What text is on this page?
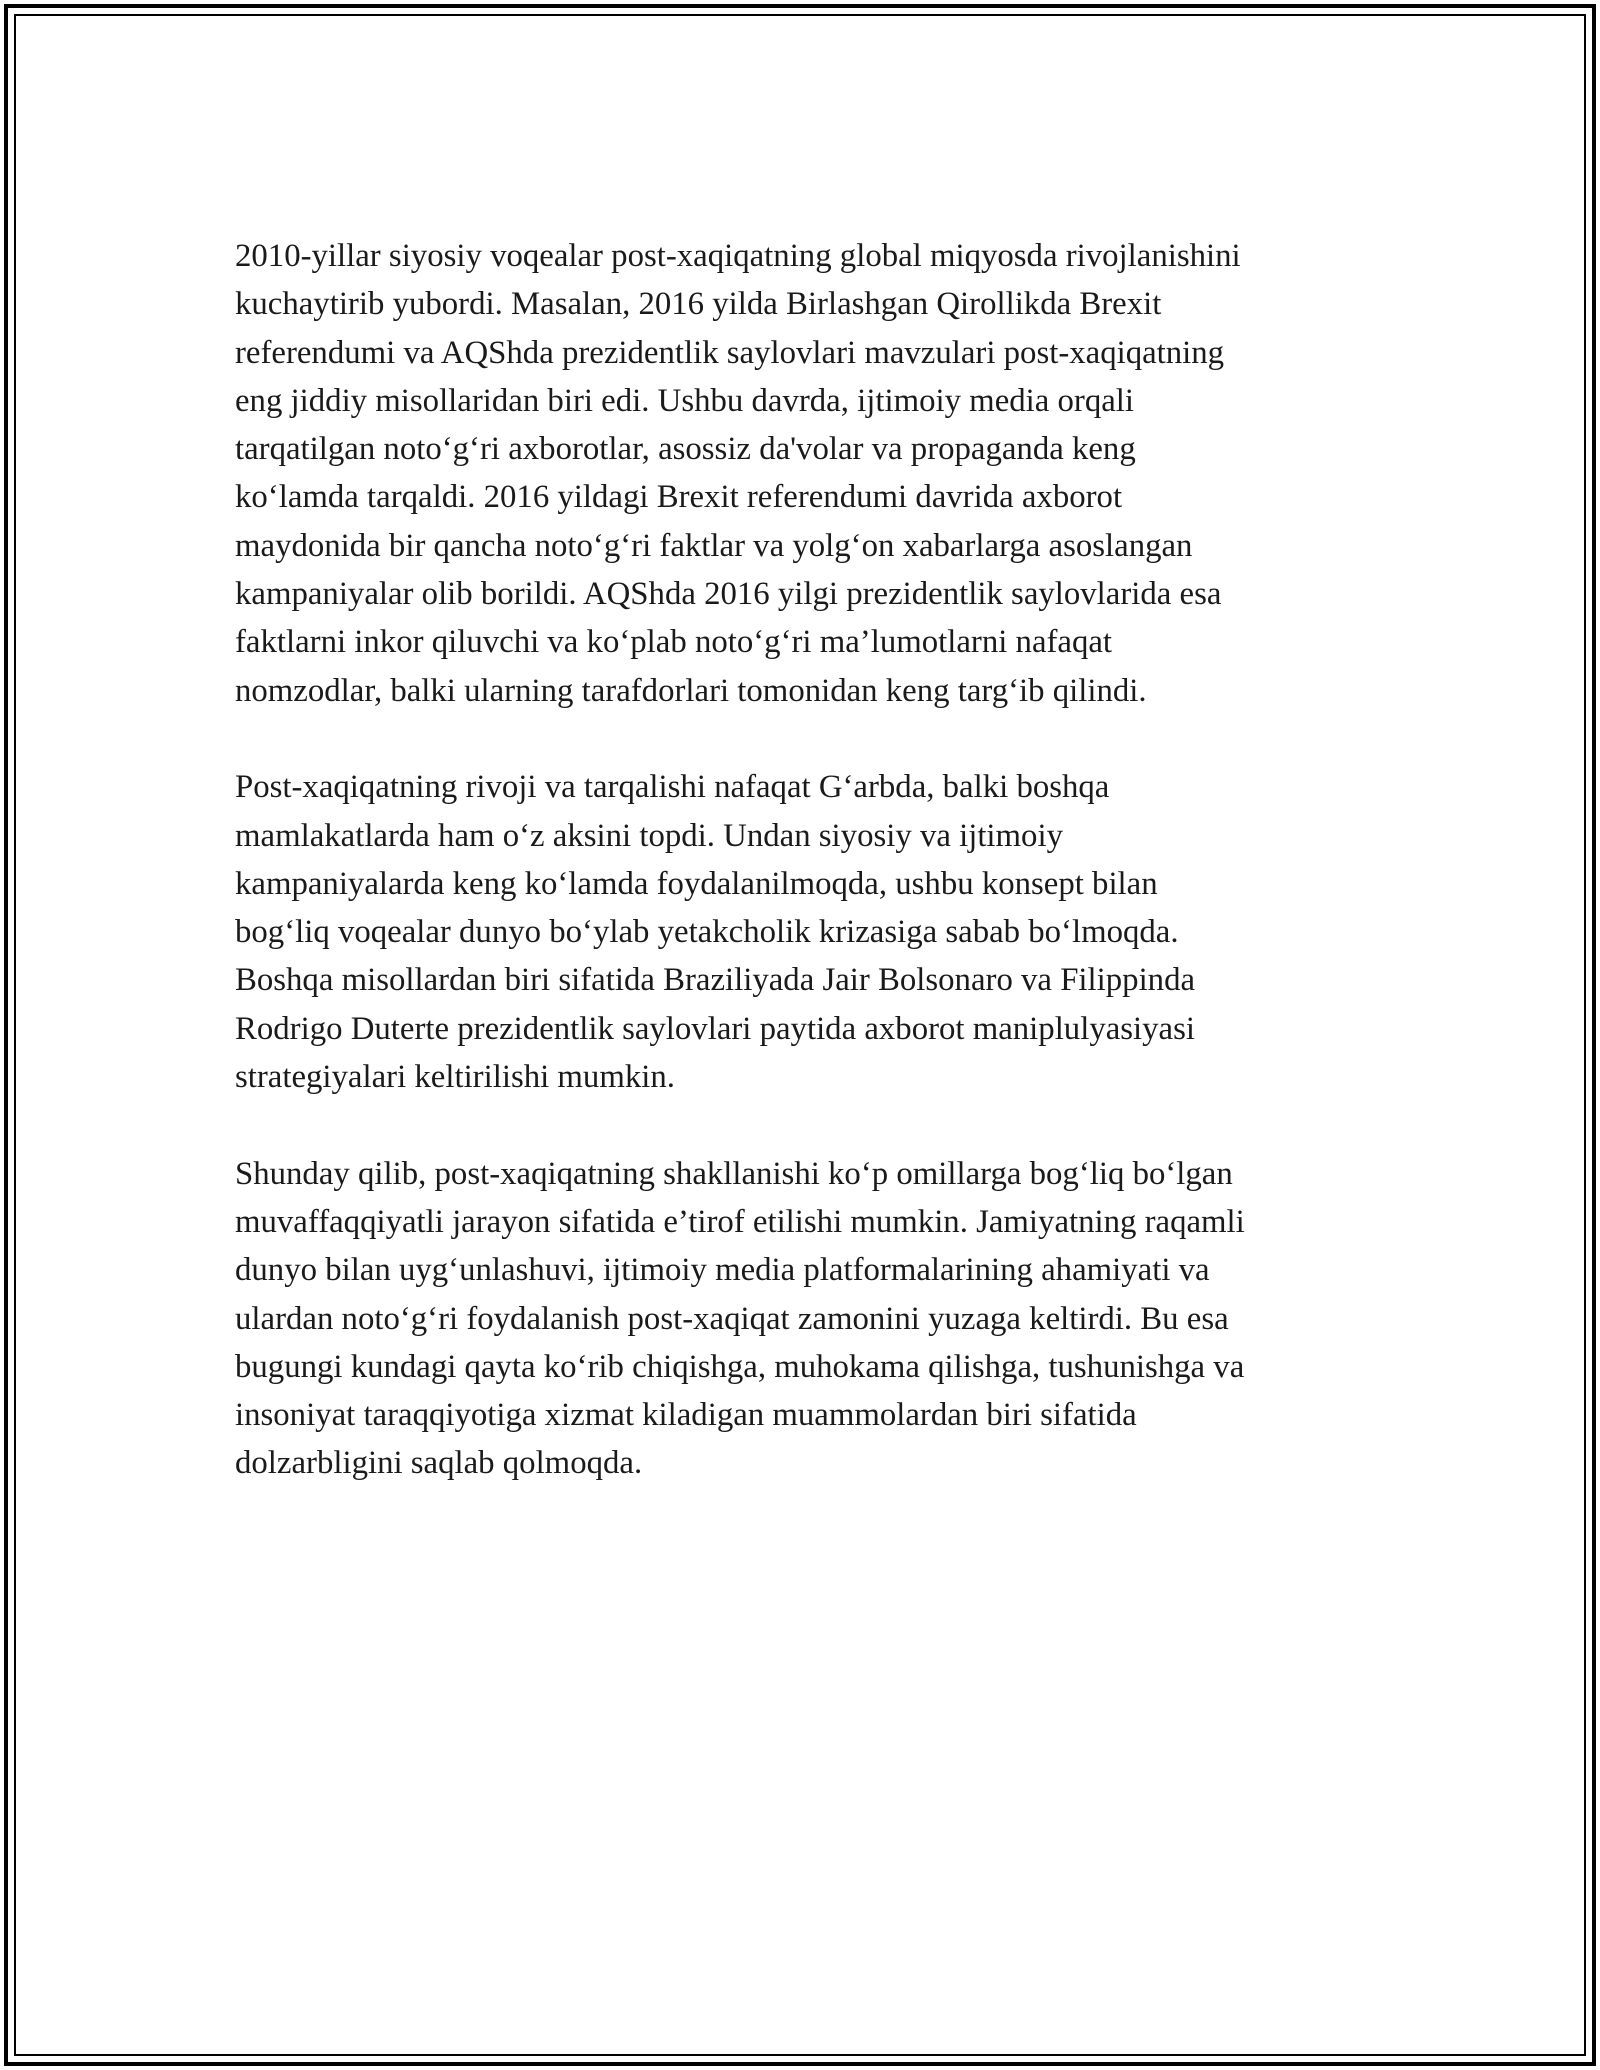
2010-yillar siyosiy voqealar post-xaqiqatning global miqyosda rivojlanishini
kuchaytirib yubordi. Masalan, 2016 yilda Birlashgan Qirollikda Brexit
referendumi va AQShda prezidentlik saylovlari mavzulari post-xaqiqatning
eng jiddiy misollaridan biri edi. Ushbu davrda, ijtimoiy media orqali
tarqatilgan noto‘g‘ri axborotlar, asossiz da'volar va propaganda keng
ko‘lamda tarqaldi. 2016 yildagi Brexit referendumi davrida axborot
maydonida bir qancha noto‘g‘ri faktlar va yolg‘on xabarlarga asoslangan
kampaniyalar olib borildi. AQShda 2016 yilgi prezidentlik saylovlarida esa
faktlarni inkor qiluvchi va ko‘plab noto‘g‘ri ma’lumotlarni nafaqat
nomzodlar, balki ularning tarafdorlari tomonidan keng targ‘ib qilindi.

Post-xaqiqatning rivoji va tarqalishi nafaqat G‘arbda, balki boshqa
mamlakatlarda ham o‘z aksini topdi. Undan siyosiy va ijtimoiy
kampaniyalarda keng ko‘lamda foydalanilmoqda, ushbu konsept bilan
bog‘liq voqealar dunyo bo‘ylab yetakcholik krizasiga sabab bo‘lmoqda.
Boshqa misollardan biri sifatida Braziliyada Jair Bolsonaro va Filippinda
Rodrigo Duterte prezidentlik saylovlari paytida axborot maniplulyasiyasi
strategiyalari keltirilishi mumkin.

Shunday qilib, post-xaqiqatning shakllanishi ko‘p omillarga bog‘liq bo‘lgan
muvaffaqqiyatli jarayon sifatida e’tirof etilishi mumkin. Jamiyatning raqamli
dunyo bilan uyg‘unlashuvi, ijtimoiy media platformalarining ahamiyati va
ulardan noto‘g‘ri foydalanish post-xaqiqat zamonini yuzaga keltirdi. Bu esa
bugungi kundagi qayta ko‘rib chiqishga, muhokama qilishga, tushunishga va
insoniyat taraqqiyotiga xizmat kiladigan muammolardan biri sifatida
dolzarbligini saqlab qolmoqda.
